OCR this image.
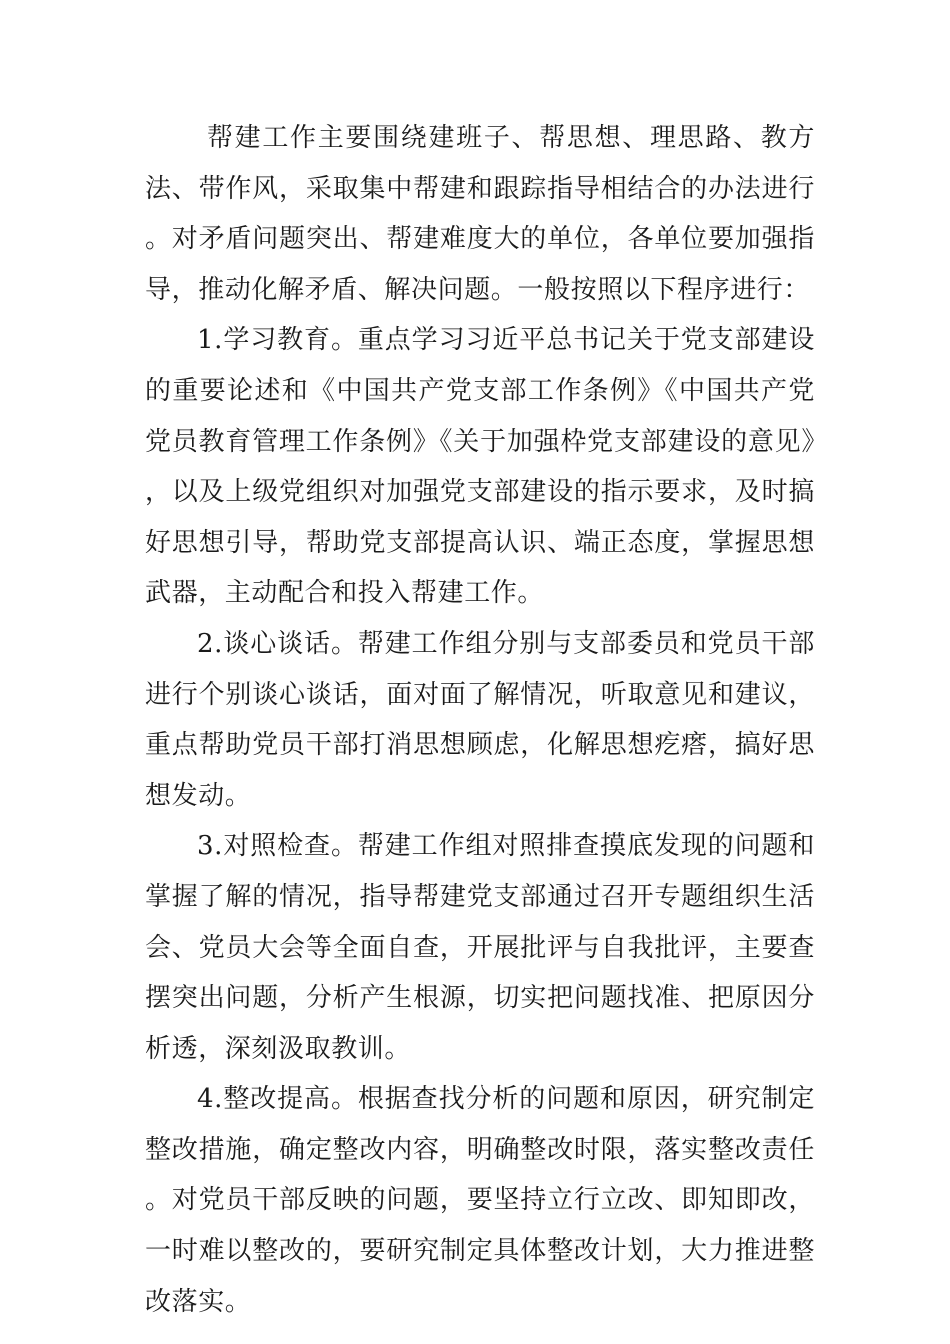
帮建工作主要围绕建班子、帮思想、理思路、教方法、带作风，采取集中帮建和跟踪指导相结合的办法进行。对矛盾问题突出、帮建难度大的单位，各单位要加强指导，推动化解矛盾、解决问题。一般按照以下程序进行：

1.学习教育。重点学习习近平总书记关于党支部建设的重要论述和《中国共产党支部工作条例》《中国共产党党员教育管理工作条例》《关于加强枠党支部建设的意见》，以及上级党组织对加强党支部建设的指示要求，及时搞好思想引导，帮助党支部提高认识、端正态度，掌握思想武器，主动配合和投入帮建工作。

2.谈心谈话。帮建工作组分别与支部委员和党员干部进行个别谈心谈话，面对面了解情况，听取意见和建议，重点帮助党员干部打消思想顾虑，化解思想疙瘩，搞好思想发动。

3.对照检查。帮建工作组对照排查摸底发现的问题和掌握了解的情况，指导帮建党支部通过召开专题组织生活会、党员大会等全面自查，开展批评与自我批评，主要查摆突出问题，分析产生根源，切实把问题找准、把原因分析透，深刻汲取教训。

4.整改提高。根据查找分析的问题和原因，研究制定整改措施，确定整改内容，明确整改时限，落实整改责任。对党员干部反映的问题，要坚持立行立改、即知即改，一时难以整改的，要研究制定具体整改计划，大力推进整改落实。
